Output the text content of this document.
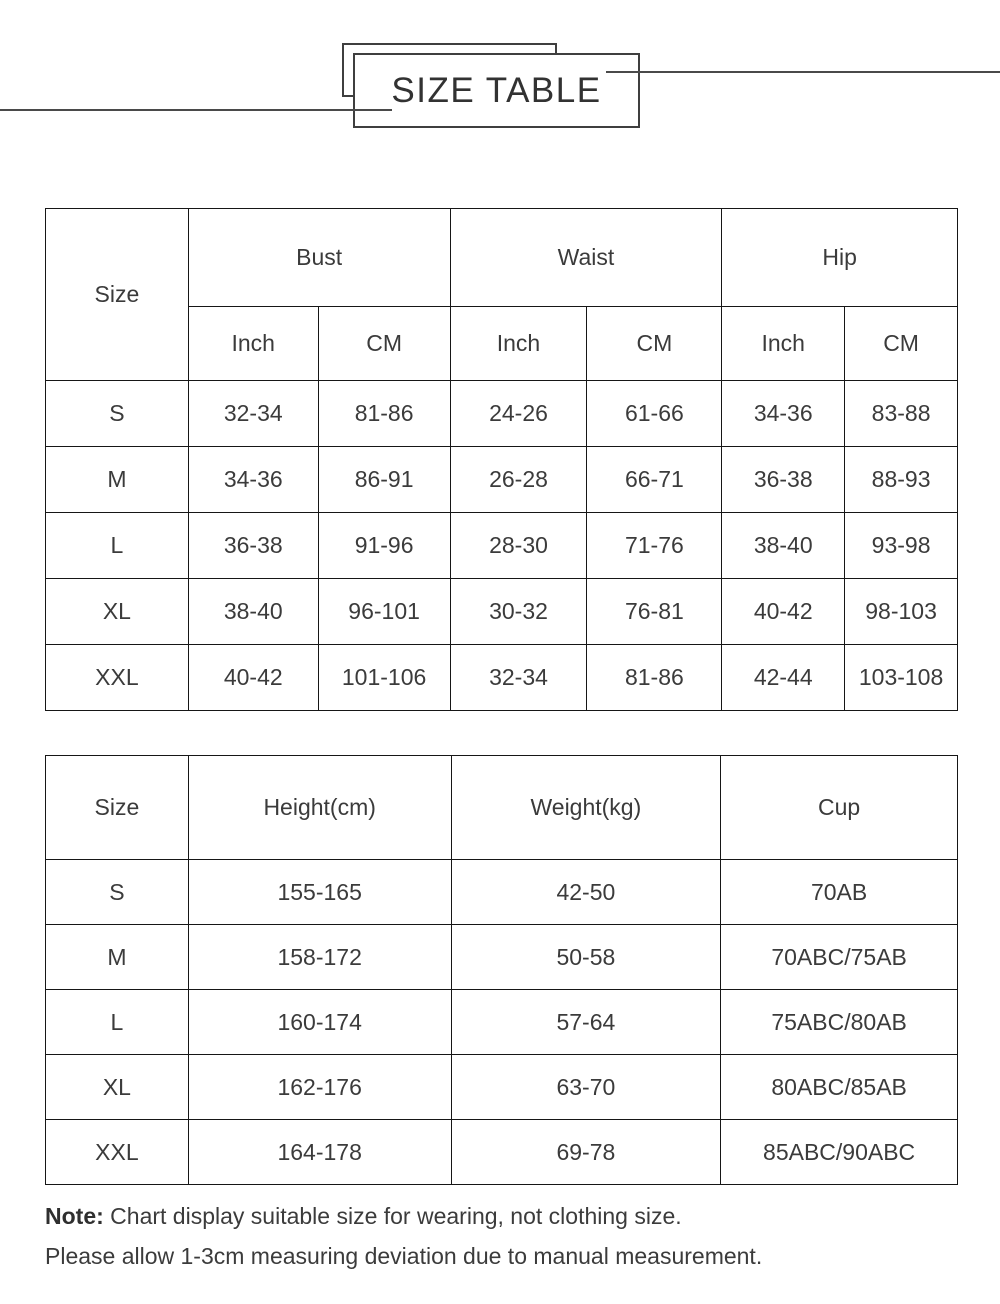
SIZE TABLE
Size	Bust		Waist		Hip	
	Inch	CM	Inch	CM	Inch	CM
S	32-34	81-86	24-26	61-66	34-36	83-88
M	34-36	86-91	26-28	66-71	36-38	88-93
L	36-38	91-96	28-30	71-76	38-40	93-98
XL	38-40	96-101	30-32	76-81	40-42	98-103
XXL	40-42	101-106	32-34	81-86	42-44	103-108
Size	Height(cm)	Weight(kg)	Cup
S	155-165	42-50	70AB
M	158-172	50-58	70ABC/75AB
L	160-174	57-64	75ABC/80AB
XL	162-176	63-70	80ABC/85AB
XXL	164-178	69-78	85ABC/90ABC
Note: Chart display suitable size for wearing, not clothing size.
Please allow 1-3cm measuring deviation due to manual measurement.
